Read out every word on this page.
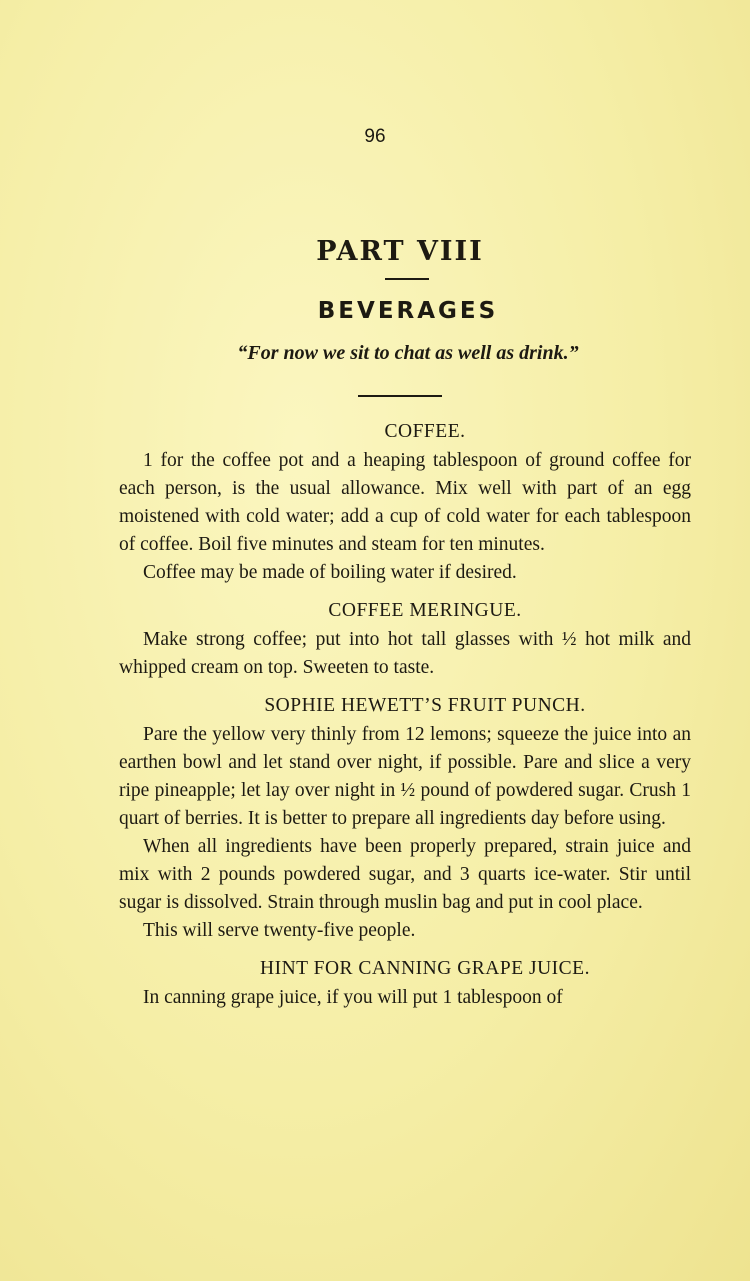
96
PART VIII
BEVERAGES
“For now we sit to chat as well as drink.”
COFFEE.

1 for the coffee pot and a heaping tablespoon of ground coffee for each person, is the usual allowance. Mix well with part of an egg moistened with cold water; add a cup of cold water for each tablespoon of coffee. Boil five minutes and steam for ten minutes.

Coffee may be made of boiling water if desired.

COFFEE MERINGUE.

Make strong coffee; put into hot tall glasses with ½ hot milk and whipped cream on top. Sweeten to taste.

SOPHIE HEWETT’S FRUIT PUNCH.

Pare the yellow very thinly from 12 lemons; squeeze the juice into an earthen bowl and let stand over night, if possible. Pare and slice a very ripe pineapple; let lay over night in ½ pound of powdered sugar. Crush 1 quart of berries. It is better to prepare all ingredients day before using.

When all ingredients have been properly prepared, strain juice and mix with 2 pounds powdered sugar, and 3 quarts ice-water. Stir until sugar is dissolved. Strain through muslin bag and put in cool place.

This will serve twenty-five people.

HINT FOR CANNING GRAPE JUICE.

In canning grape juice, if you will put 1 tablespoon of
